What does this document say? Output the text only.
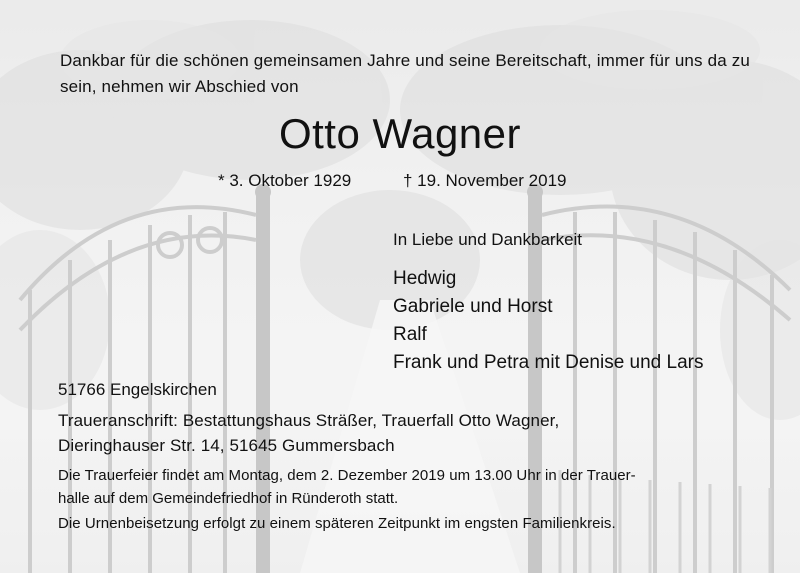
Dankbar für die schönen gemeinsamen Jahre und seine Bereitschaft, immer für uns da zu sein, nehmen wir Abschied von

Otto Wagner
* 3. Oktober 1929	† 19. November 2019
In Liebe und Dankbarkeit
Hedwig
Gabriele und Horst
Ralf
Frank und Petra mit Denise und Lars
51766 Engelskirchen
Traueranschrift: Bestattungshaus Sträßer, Trauerfall Otto Wagner,
Dieringhauser Str. 14, 51645 Gummersbach
Die Trauerfeier findet am Montag, dem 2. Dezember 2019 um 13.00 Uhr in der Trauer-
halle auf dem Gemeindefriedhof in Ründeroth statt.
Die Urnenbeisetzung erfolgt zu einem späteren Zeitpunkt im engsten Familienkreis.
